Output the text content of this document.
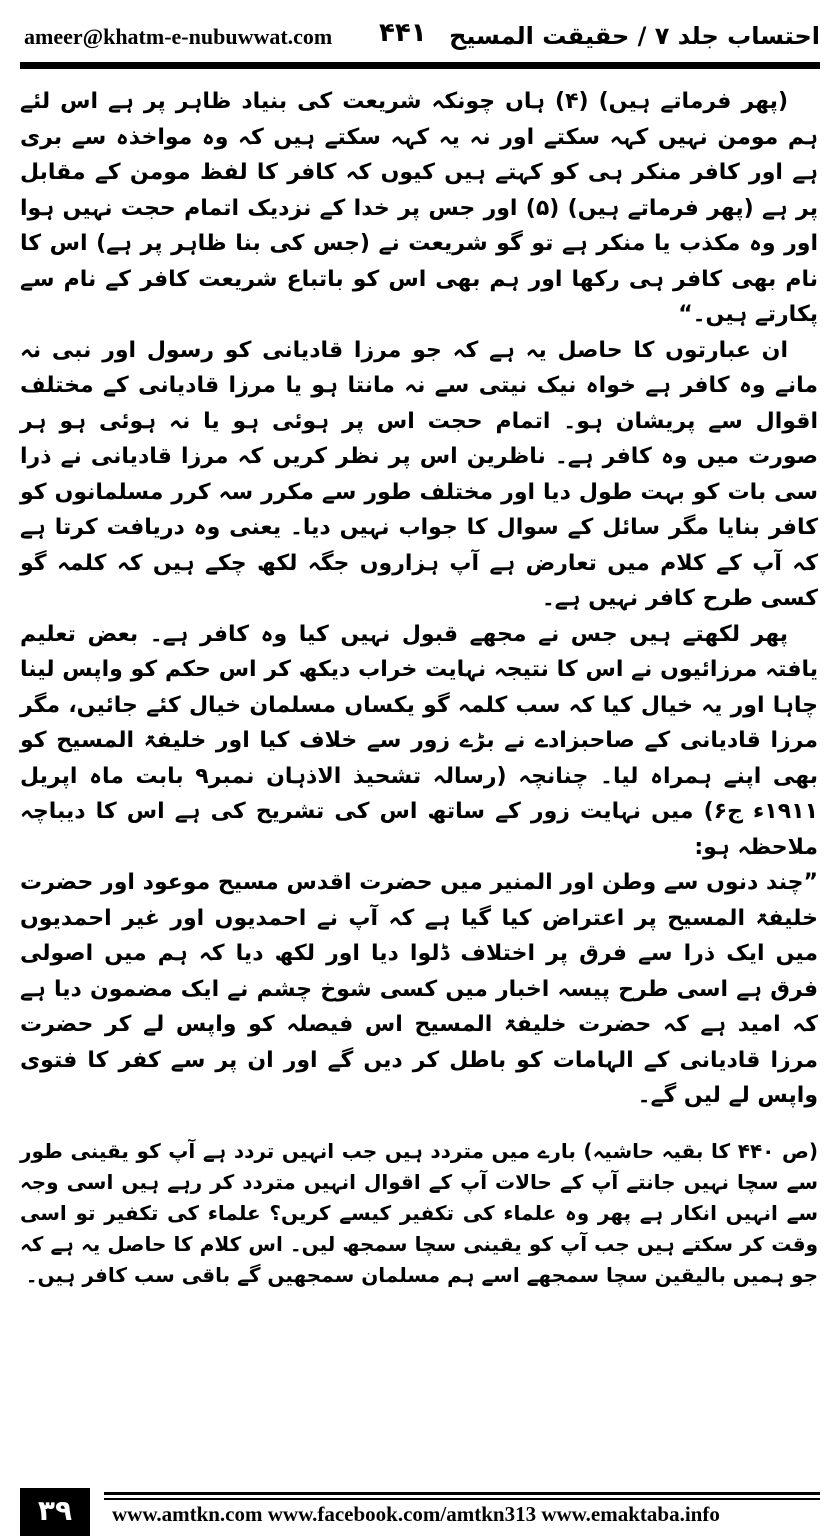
ameer@khatm-e-nubuwwat.com ۴۴۱ احتساب جلد ۷ / حقیقت المسیح

(پھر فرماتے ہیں) (۴) ہاں چونکہ شریعت کی بنیاد ظاہر پر ہے اس لئے ہم مومن نہیں کہہ سکتے اور نہ یہ کہہ سکتے ہیں کہ وہ مواخذہ سے بری ہے اور کافر منکر ہی کو کہتے ہیں کیوں کہ کافر کا لفظ مومن کے مقابل پر ہے (پھر فرماتے ہیں) (۵) اور جس پر خدا کے نزدیک اتمام حجت نہیں ہوا اور وہ مکذب یا منکر ہے تو گو شریعت نے (جس کی بنا ظاہر پر ہے) اس کا نام بھی کافر ہی رکھا اور ہم بھی اس کو باتباع شریعت کافر کے نام سے پکارتے ہیں۔“

ان عبارتوں کا حاصل یہ ہے کہ جو مرزا قادیانی کو رسول اور نبی نہ مانے وہ کافر ہے خواہ نیک نیتی سے نہ مانتا ہو یا مرزا قادیانی کے مختلف اقوال سے پریشان ہو۔ اتمام حجت اس پر ہوئی ہو یا نہ ہوئی ہو ہر صورت میں وہ کافر ہے۔ ناظرین اس پر نظر کریں کہ مرزا قادیانی نے ذرا سی بات کو بہت طول دیا اور مختلف طور سے مکرر سہ کرر مسلمانوں کو کافر بنایا مگر سائل کے سوال کا جواب نہیں دیا۔ یعنی وہ دریافت کرتا ہے کہ آپ کے کلام میں تعارض ہے آپ ہزاروں جگہ لکھ چکے ہیں کہ کلمہ گو کسی طرح کافر نہیں ہے۔

پھر لکھتے ہیں جس نے مجھے قبول نہیں کیا وہ کافر ہے۔ بعض تعلیم یافتہ مرزائیوں نے اس کا نتیجہ نہایت خراب دیکھ کر اس حکم کو واپس لینا چاہا اور یہ خیال کیا کہ سب کلمہ گو یکساں مسلمان خیال کئے جائیں، مگر مرزا قادیانی کے صاحبزادے نے بڑے زور سے خلاف کیا اور خلیفۃ المسیح کو بھی اپنے ہمراہ لیا۔ چنانچہ (رسالہ تشحیذ الاذہان نمبر۹ بابت ماہ اپریل ۱۹۱۱ء ج۶) میں نہایت زور کے ساتھ اس کی تشریح کی ہے اس کا دیباچہ ملاحظہ ہو:

”چند دنوں سے وطن اور المنیر میں حضرت اقدس مسیح موعود اور حضرت خلیفۃ المسیح پر اعتراض کیا گیا ہے کہ آپ نے احمدیوں اور غیر احمدیوں میں ایک ذرا سے فرق پر اختلاف ڈلوا دیا اور لکھ دیا کہ ہم میں اصولی فرق ہے اسی طرح پیسہ اخبار میں کسی شوخ چشم نے ایک مضمون دیا ہے کہ امید ہے کہ حضرت خلیفۃ المسیح اس فیصلہ کو واپس لے کر حضرت مرزا قادیانی کے الہامات کو باطل کر دیں گے اور ان پر سے کفر کا فتوی واپس لے لیں گے۔

(ص ۴۴۰ کا بقیہ حاشیہ) بارے میں متردد ہیں جب انہیں تردد ہے آپ کو یقینی طور سے سچا نہیں جانتے آپ کے حالات آپ کے اقوال انہیں متردد کر رہے ہیں اسی وجہ سے انہیں انکار ہے پھر وہ علماء کی تکفیر کیسے کریں؟ علماء کی تکفیر تو اسی وقت کر سکتے ہیں جب آپ کو یقینی سچا سمجھ لیں۔ اس کلام کا حاصل یہ ہے کہ جو ہمیں بالیقین سچا سمجھے اسے ہم مسلمان سمجھیں گے باقی سب کافر ہیں۔

۳۹	www.amtkn.com www.facebook.com/amtkn313 www.emaktaba.info
